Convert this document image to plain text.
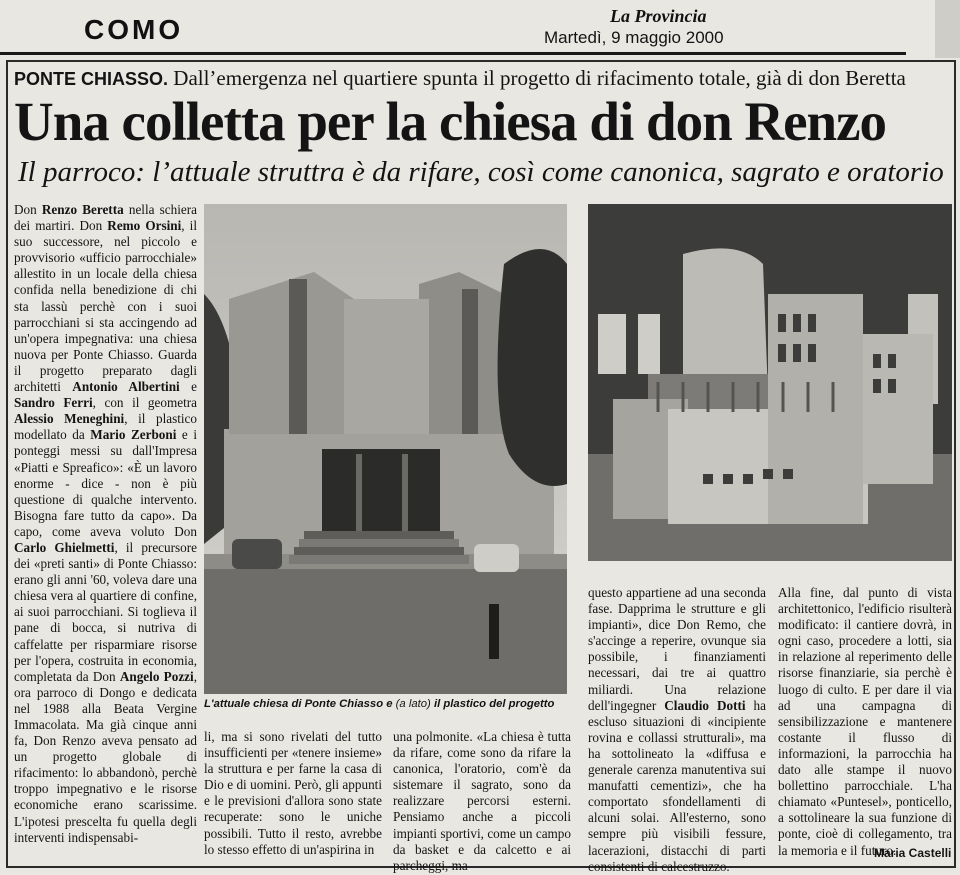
COMO	La Provincia
Martedì, 9 maggio 2000
PONTE CHIASSO. Dall’emergenza nel quartiere spunta il progetto di rifacimento totale, già di don Beretta
Una colletta per la chiesa di don Renzo
Il parroco: l’attuale struttra è da rifare, così come canonica, sagrato e oratorio
Don Renzo Beretta nella schiera dei martiri. Don Remo Orsini, il suo successore, nel piccolo e provvisorio «ufficio parrocchiale» allestito in un locale della chiesa confida nella benedizione di chi sta lassù perchè con i suoi parrocchiani si sta accingendo ad un'opera impegnativa: una chiesa nuova per Ponte Chiasso. Guarda il progetto preparato dagli architetti Antonio Albertini e Sandro Ferri, con il geometra Alessio Meneghini, il plastico modellato da Mario Zerboni e i ponteggi messi su dall'Impresa «Piatti e Spreafico»: «È un lavoro enorme - dice - non è più questione di qualche intervento. Bisogna fare tutto da capo». Da capo, come aveva voluto Don Carlo Ghielmetti, il precursore dei «preti santi» di Ponte Chiasso: erano gli anni '60, voleva dare una chiesa vera al quartiere di confine, ai suoi parrocchiani. Si toglieva il pane di bocca, si nutriva di caffelatte per risparmiare risorse per l'opera, costruita in economia, completata da Don Angelo Pozzi, ora parroco di Dongo e dedicata nel 1988 alla Beata Vergine Immacolata. Ma già cinque anni fa, Don Renzo aveva pensato ad un progetto globale di rifacimento: lo abbandonò, perchè troppo impegnativo e le risorse economiche erano scarissime. L'ipotesi prescelta fu quella degli interventi indispensabi-
li, ma si sono rivelati del tutto insufficienti per «tenere insieme» la struttura e per farne la casa di Dio e di uomini. Però, gli appunti e le previsioni d'allora sono state recuperate: sono le uniche possibili. Tutto il resto, avrebbe lo stesso effetto di un'aspirina in
una polmonite. «La chiesa è tutta da rifare, come sono da rifare la canonica, l'oratorio, com'è da sistemare il sagrato, sono da realizzare percorsi esterni. Pensiamo anche a piccoli impianti sportivi, come un campo da basket e da calcetto e ai parcheggi, ma
questo appartiene ad una seconda fase. Dapprima le strutture e gli impianti», dice Don Remo, che s'accinge a reperire, ovunque sia possibile, i finanziamenti necessari, dai tre ai quattro miliardi. Una relazione dell'ingegner Claudio Dotti ha escluso situazioni di «incipiente rovina e collassi strutturali», ma ha sottolineato la «diffusa e generale carenza manutentiva sui manufatti cementizi», che ha comportato sfondellamenti di alcuni solai. All'esterno, sono sempre più visibili fessure, lacerazioni, distacchi di parti consistenti di calcestruzzo.
Alla fine, dal punto di vista architettonico, l'edificio risulterà modificato: il cantiere dovrà, in ogni caso, procedere a lotti, sia in relazione al reperimento delle risorse finanziarie, sia perchè è luogo di culto. E per dare il via ad una campagna di sensibilizzazione e mantenere costante il flusso di informazioni, la parrocchia ha dato alle stampe il nuovo bollettino parrocchiale. L'ha chiamato «Puntesel», ponticello, a sottolineare la sua funzione di ponte, cioè di collegamento, tra la memoria e il futuro.
Maria Castelli
L'attuale chiesa di Ponte Chiasso e (a lato) il plastico del progetto
